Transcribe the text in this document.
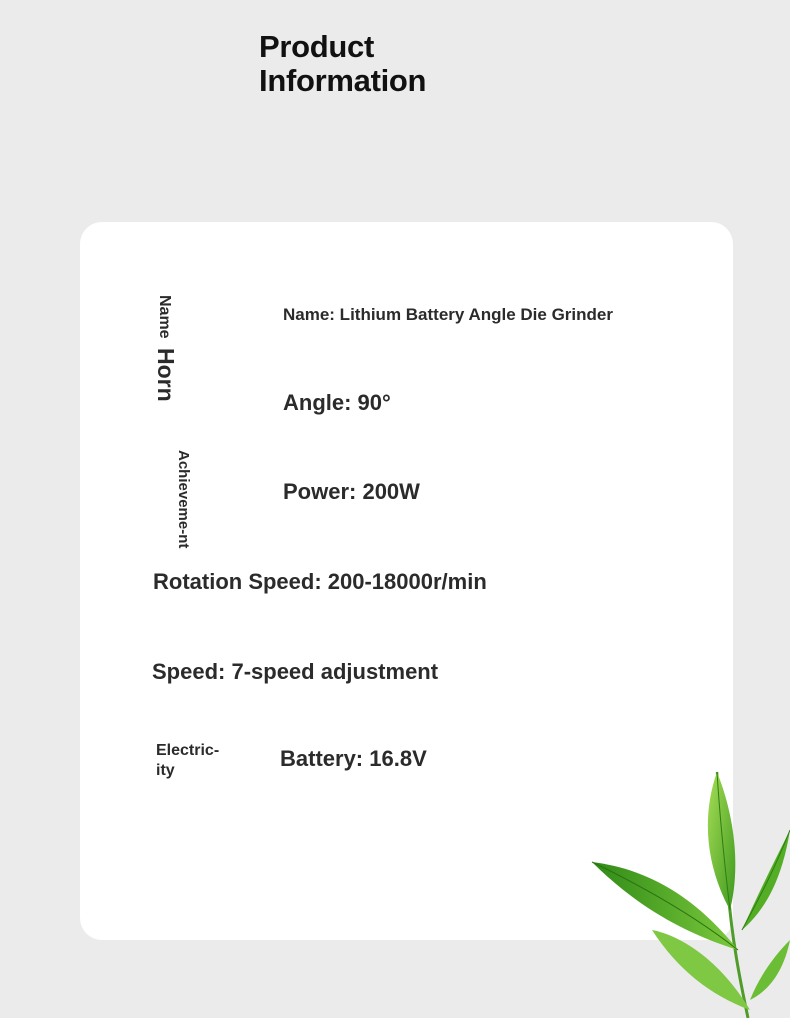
Product
Information
Name
Horn
Achieveme-nt
Electric-
ity
Name: Lithium Battery Angle Die Grinder
Angle: 90°
Power: 200W
Rotation Speed: 200-18000r/min
Speed: 7-speed adjustment
Battery: 16.8V
